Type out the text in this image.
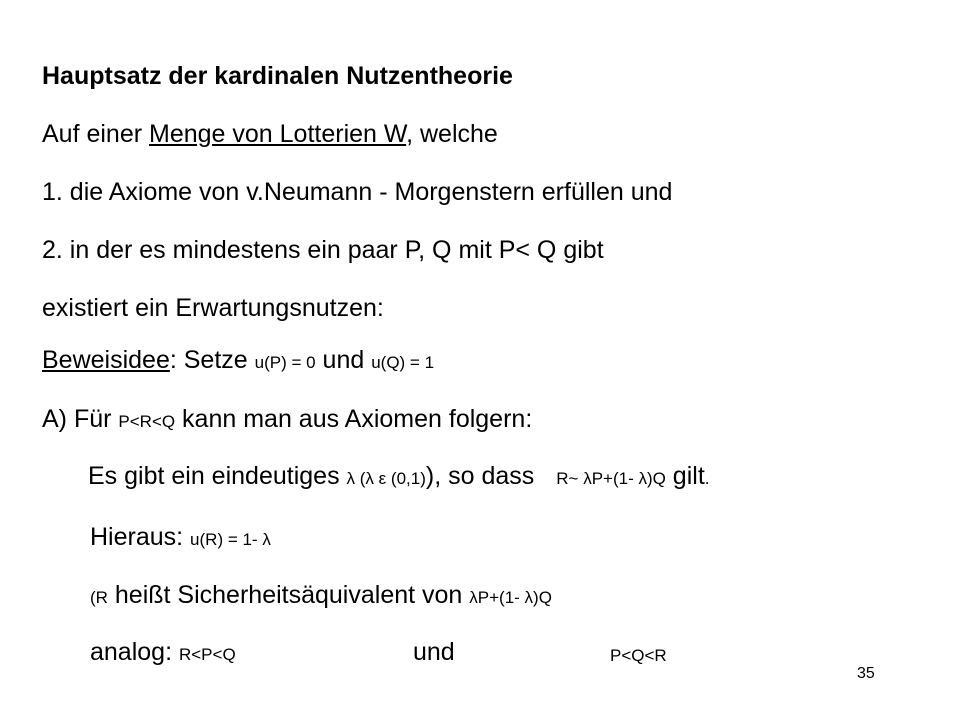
Hauptsatz der kardinalen Nutzentheorie
Auf einer Menge von Lotterien W, welche
1. die Axiome von v.Neumann - Morgenstern erfüllen und
2. in der es mindestens ein paar P, Q mit P< Q gibt
existiert ein Erwartungsnutzen:
Beweisidee: Setze u(P) = 0 und u(Q) = 1
A) Für P<R<Q kann man aus Axiomen folgern:
Es gibt ein eindeutiges λ (λ ε (0,1)), so dass R~ λP+(1- λ)Q gilt.
Hieraus: u(R) = 1- λ
(R heißt Sicherheitsäquivalent von λP+(1- λ)Q
analog: R<P<Q	und	P<Q<R
35
